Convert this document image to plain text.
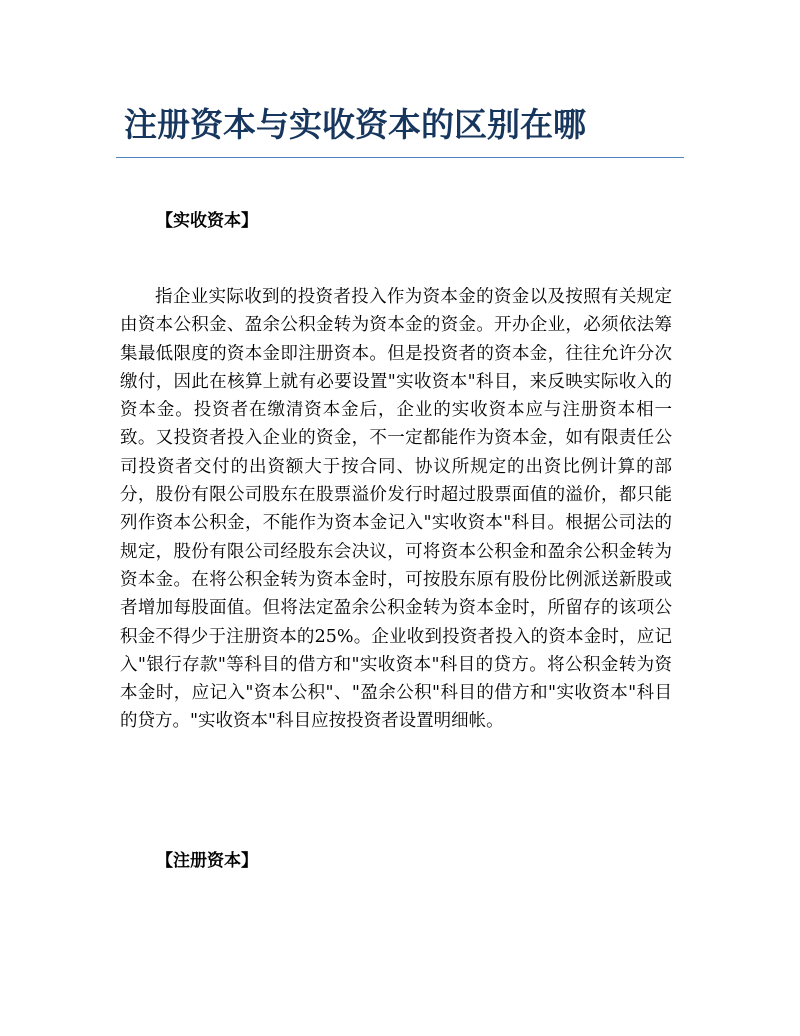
注册资本与实收资本的区别在哪
【实收资本】

指企业实际收到的投资者投入作为资本金的资金以及按照有关规定由资本公积金、盈余公积金转为资本金的资金。开办企业，必须依法筹集最低限度的资本金即注册资本。但是投资者的资本金，往往允许分次缴付，因此在核算上就有必要设置"实收资本"科目，来反映实际收入的资本金。投资者在缴清资本金后，企业的实收资本应与注册资本相一致。又投资者投入企业的资金，不一定都能作为资本金，如有限责任公司投资者交付的出资额大于按合同、协议所规定的出资比例计算的部分，股份有限公司股东在股票溢价发行时超过股票面值的溢价，都只能列作资本公积金，不能作为资本金记入"实收资本"科目。根据公司法的规定，股份有限公司经股东会决议，可将资本公积金和盈余公积金转为资本金。在将公积金转为资本金时，可按股东原有股份比例派送新股或者增加每股面值。但将法定盈余公积金转为资本金时，所留存的该项公积金不得少于注册资本的25%。企业收到投资者投入的资本金时，应记入"银行存款"等科目的借方和"实收资本"科目的贷方。将公积金转为资本金时，应记入"资本公积"、"盈余公积"科目的借方和"实收资本"科目的贷方。"实收资本"科目应按投资者设置明细帐。

【注册资本】
